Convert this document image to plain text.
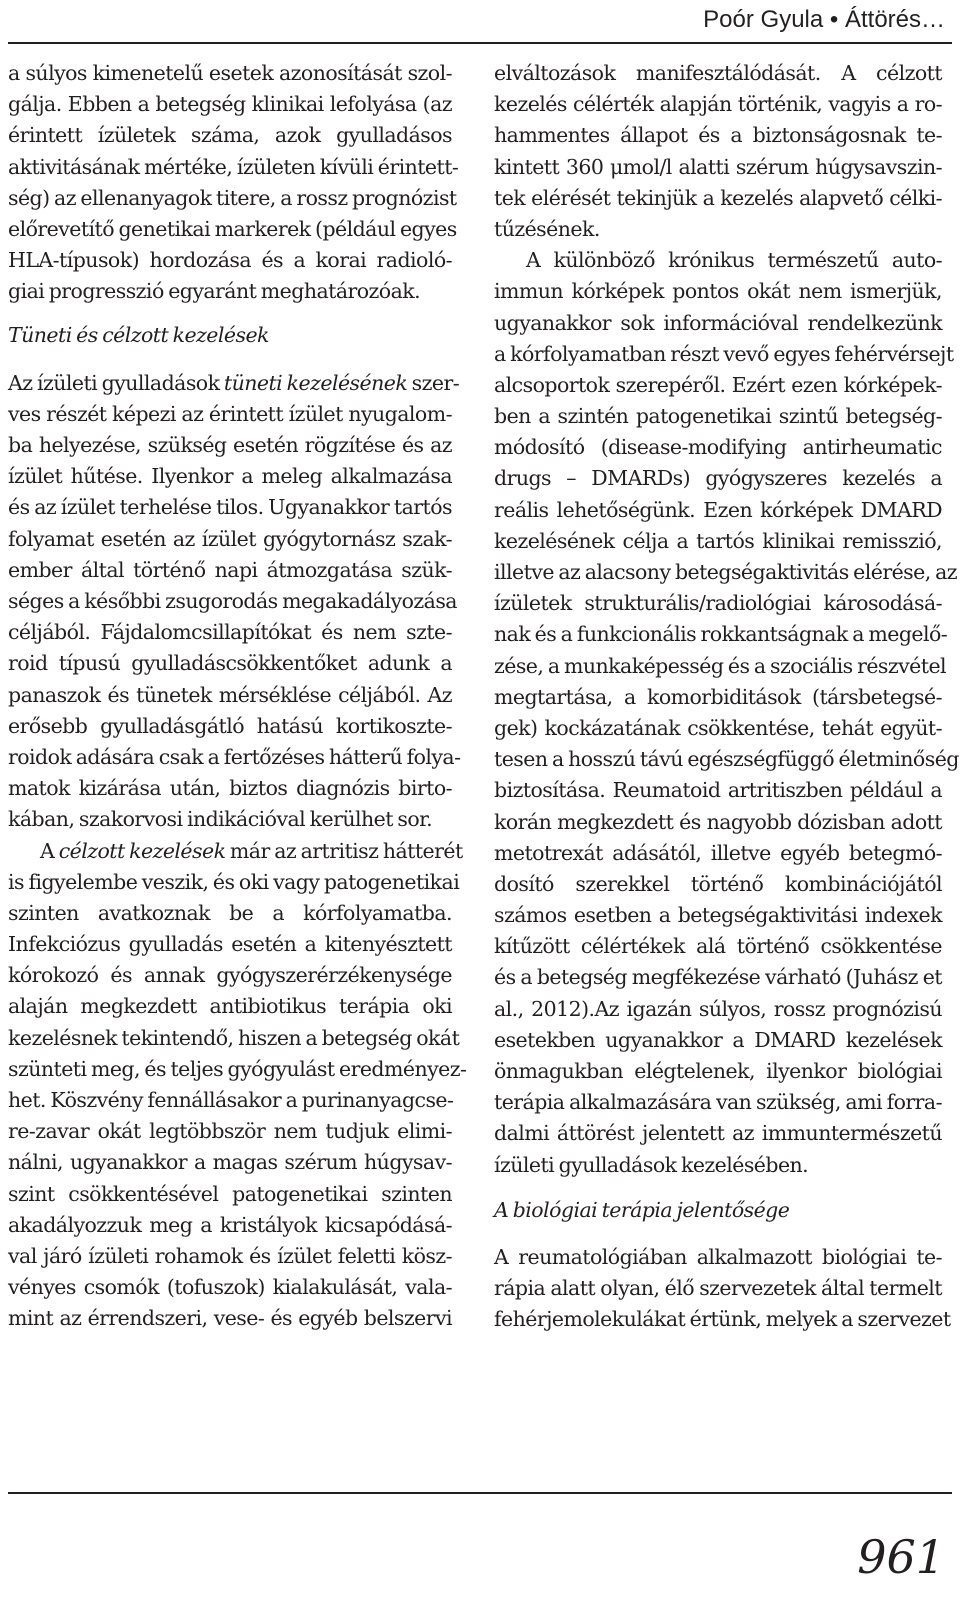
Poór Gyula • Áttörés…
a súlyos kimenetelű esetek azonosítását szol-
gálja. Ebben a betegség klinikai lefolyása (az
érintett ízületek száma, azok gyulladásos
aktivitásának mértéke, ízületen kívüli érintett-
ség) az ellenanyagok titere, a rossz prognózist
előrevetítő genetikai markerek (például egyes
HLA-típusok) hordozása és a korai radioló-
giai progresszió egyaránt meghatározóak.
Tüneti és célzott kezelések
Az ízületi gyulladások tüneti kezelésének szer-
ves részét képezi az érintett ízület nyugalom-
ba helyezése, szükség esetén rögzítése és az
ízület hűtése. Ilyenkor a meleg alkalmazása
és az ízület terhelése tilos. Ugyanakkor tartós
folyamat esetén az ízület gyógytornász szak-
ember által történő napi átmozgatása szük-
séges a későbbi zsugorodás megakadályozása
céljából. Fájdalomcsillapítókat és nem szte-
roid típusú gyulladáscsökkentőket adunk a
panaszok és tünetek mérséklése céljából. Az
erősebb gyulladásgátló hatású kortikoszte-
roidok adására csak a fertőzéses hátterű folya-
matok kizárása után, biztos diagnózis birto-
kában, szakorvosi indikációval kerülhet sor.
A célzott kezelések már az artritisz hátterét
is figyelembe veszik, és oki vagy patogenetikai
szinten avatkoznak be a kórfolyamatba.
Infekciózus gyulladás esetén a kitenyésztett
kórokozó és annak gyógyszerérzékenysége
alaján megkezdett antibiotikus terápia oki
kezelésnek tekintendő, hiszen a betegség okát
szünteti meg, és teljes gyógyulást eredményez-
het. Köszvény fennállásakor a purinanyagcse-
re-zavar okát legtöbbször nem tudjuk elimi-
nálni, ugyanakkor a magas szérum húgysav-
szint csökkentésével patogenetikai szinten
akadályozzuk meg a kristályok kicsapódásá-
val járó ízületi rohamok és ízület feletti kösz-
vényes csomók (tofuszok) kialakulását, vala-
mint az érrendszeri, vese- és egyéb belszervi
elváltozások manifesztálódását. A célzott
kezelés célérték alapján történik, vagyis a ro-
hammentes állapot és a biztonságosnak te-
kintett 360 μmol/l alatti szérum húgysavszin-
tek elérését tekinjük a kezelés alapvető célki-
tűzésének.
A különböző krónikus természetű auto-
immun kórképek pontos okát nem ismerjük,
ugyanakkor sok információval rendelkezünk
a kórfolyamatban részt vevő egyes fehérvérsejt
alcsoportok szerepéről. Ezért ezen kórképek-
ben a szintén patogenetikai szintű betegség-
módosító (disease-modifying antirheumatic
drugs – DMARDs) gyógyszeres kezelés a
reális lehetőségünk. Ezen kórképek DMARD
kezelésének célja a tartós klinikai remisszió,
illetve az alacsony betegségaktivitás elérése, az
ízületek strukturális/radiológiai károsodásá-
nak és a funkcionális rokkantságnak a megelő-
zése, a munkaképesség és a szociális részvétel
megtartása, a komorbiditások (társbetegsé-
gek) kockázatának csökkentése, tehát együt-
tesen a hosszú távú egészségfüggő életminőség
biztosítása. Reumatoid artritiszben például a
korán megkezdett és nagyobb dózisban adott
metotrexát adásától, illetve egyéb betegmó-
dosító szerekkel történő kombinációjától
számos esetben a betegségaktivitási indexek
kítűzött célértékek alá történő csökkentése
és a betegség megfékezése várható (Juhász et
al., 2012).Az igazán súlyos, rossz prognózisú
esetekben ugyanakkor a DMARD kezelések
önmagukban elégtelenek, ilyenkor biológiai
terápia alkalmazására van szükség, ami forra-
dalmi áttörést jelentett az immuntermészetű
ízületi gyulladások kezelésében.
A biológiai terápia jelentősége
A reumatológiában alkalmazott biológiai te-
rápia alatt olyan, élő szervezetek által termelt
fehérjemolekulákat értünk, melyek a szervezet
961
